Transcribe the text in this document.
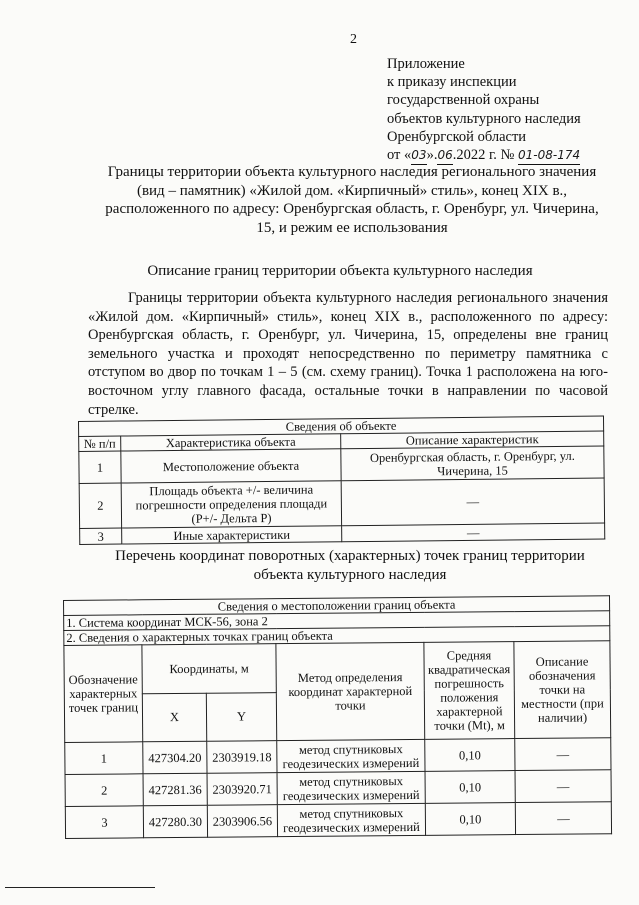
2
Приложение
к приказу инспекции
государственной охраны
объектов культурного наследия
Оренбургской области
от «03».06.2022 г. № 01-08-174
Границы территории объекта культурного наследия регионального значения
(вид – памятник) «Жилой дом. «Кирпичный» стиль», конец XIX в.,
расположенного по адресу: Оренбургская область, г. Оренбург, ул. Чичерина,
15, и режим ее использования
Описание границ территории объекта культурного наследия
Границы территории объекта культурного наследия регионального значения «Жилой дом. «Кирпичный» стиль», конец XIX в., расположенного по адресу: Оренбургская область, г. Оренбург, ул. Чичерина, 15, определены вне границ земельного участка и проходят непосредственно по периметру памятника с отступом во двор по точкам 1 – 5 (см. схему границ). Точка 1 расположена на юго-восточном углу главного фасада, остальные точки в направлении по часовой стрелке.
Сведения об объекте		
№ п/п	Характеристика объекта	Описание характеристик
1	Местоположение объекта	Оренбургская область, г. Оренбург, ул. Чичерина, 15
2	Площадь объекта +/- величина погрешности определения площади (P+/- Дельта P)	—
3	Иные характеристики	—
Перечень координат поворотных (характерных) точек границ территории
объекта культурного наследия
Сведения о местоположении границ объекта					
1. Система координат МСК-56, зона 2					
2. Сведения о характерных точках границ объекта					
Обозначение характерных точек границ	Координаты, м		Метод определения координат характерной точки	Средняя квадратическая погрешность положения характерной точки (Mt), м	Описание обозначения точки на местности (при наличии)
	X	Y			
1	427304.20	2303919.18	метод спутниковых геодезических измерений	0,10	—
2	427281.36	2303920.71	метод спутниковых геодезических измерений	0,10	—
3	427280.30	2303906.56	метод спутниковых геодезических измерений	0,10	—
